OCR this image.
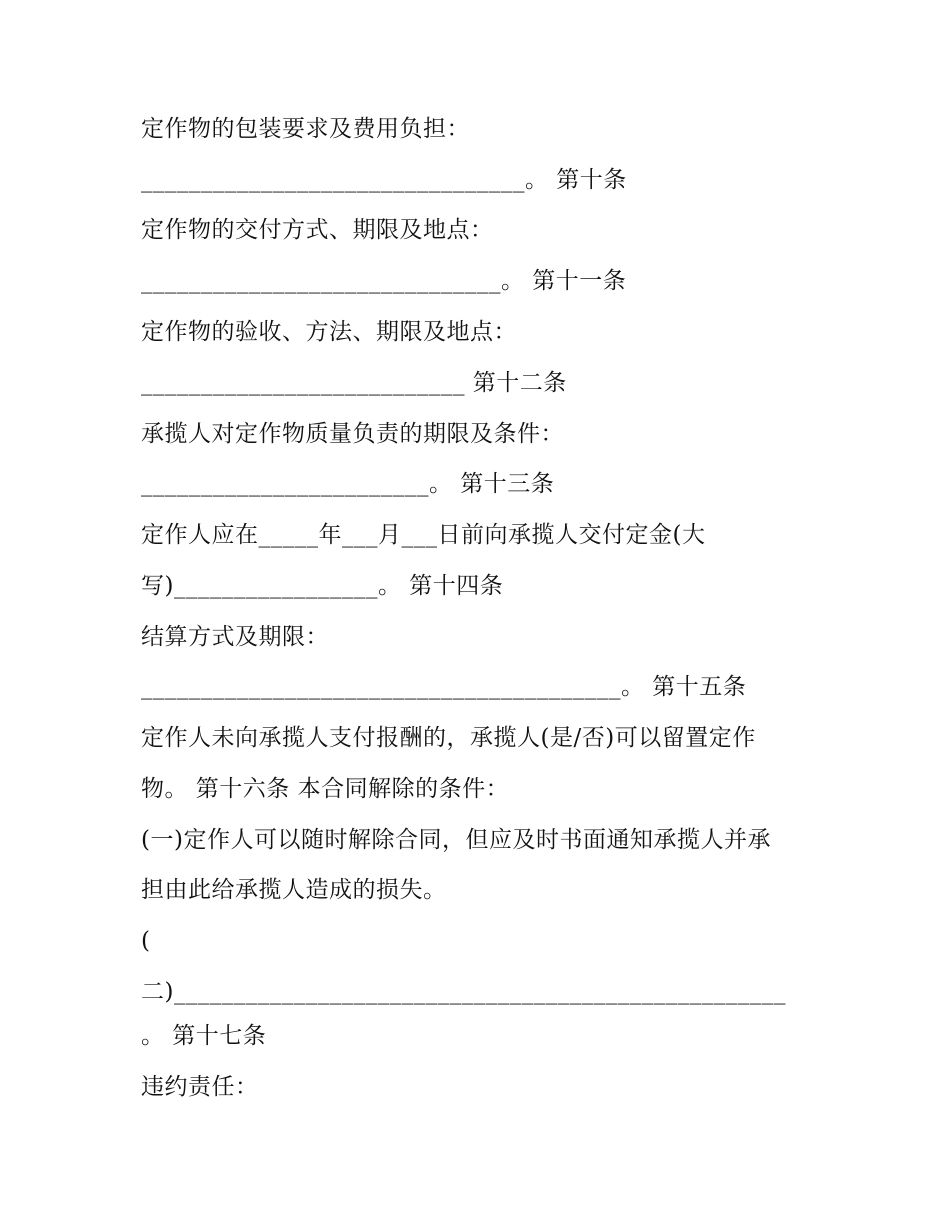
定作物的包装要求及费用负担：
________________________________。 第十条
定作物的交付方式、期限及地点：
______________________________。 第十一条
定作物的验收、方法、期限及地点：
___________________________ 第十二条
承揽人对定作物质量负责的期限及条件：
________________________。 第十三条
定作人应在_____年___月___日前向承揽人交付定金(大
写)_________________。 第十四条
结算方式及期限：
________________________________________。 第十五条
定作人未向承揽人支付报酬的，承揽人(是/否)可以留置定作
物。 第十六条 本合同解除的条件：
(一)定作人可以随时解除合同，但应及时书面通知承揽人并承
担由此给承揽人造成的损失。
(
二)___________________________________________________
。 第十七条
违约责任：
